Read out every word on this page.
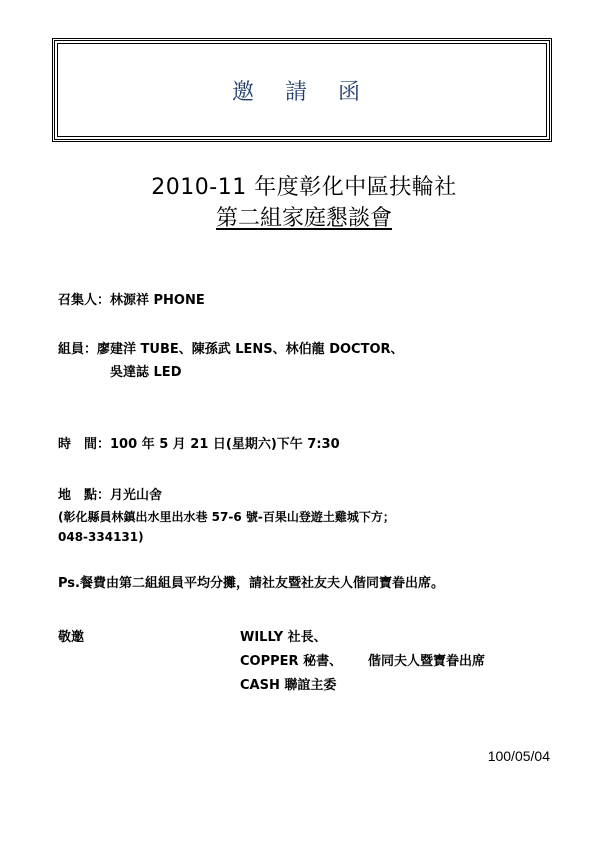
邀 請 函
2010-11 年度彰化中區扶輪社
第二組家庭懇談會
召集人：林源祥 PHONE
組員：廖建洋 TUBE、陳孫武 LENS、林伯龍 DOCTOR、
吳達誌 LED
時　間：100 年 5 月 21 日(星期六)下午 7:30
地　點：月光山舍
(彰化縣員林鎮出水里出水巷 57-6 號-百果山登遊土雞城下方；
048-334131)
Ps.餐費由第二組組員平均分攤，請社友暨社友夫人偕同寶眷出席。
敬邀	WILLY 社長、
COPPER 秘書、 偕同夫人暨寶眷出席
CASH 聯誼主委
100/05/04
